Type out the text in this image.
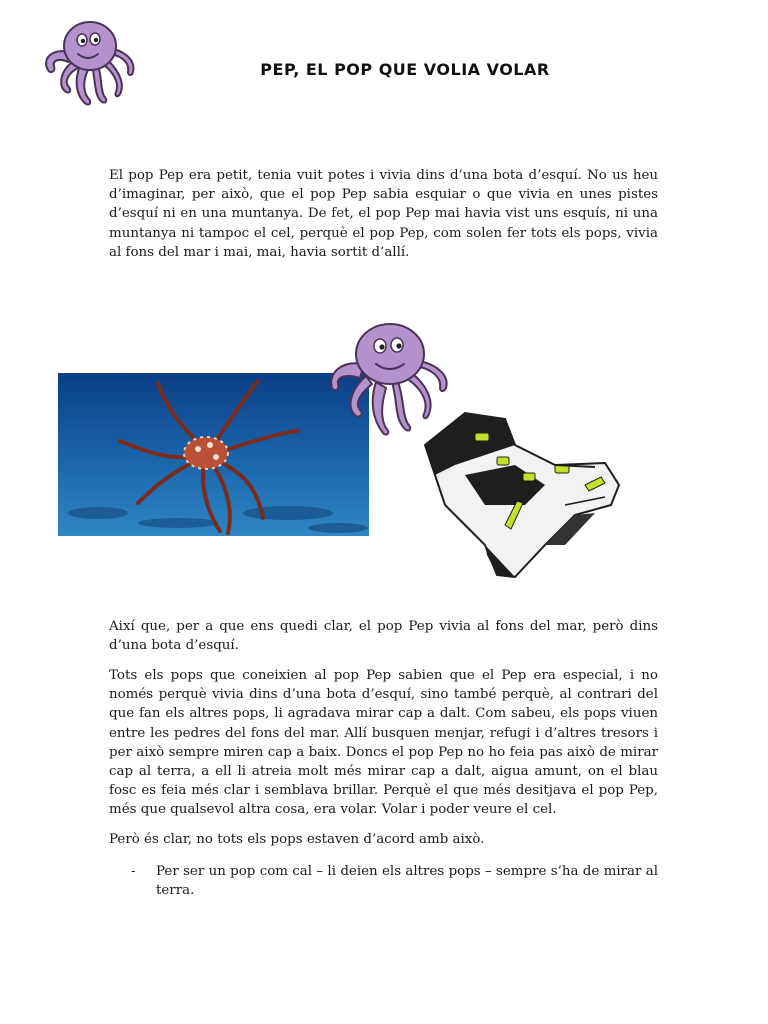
PEP, EL POP QUE VOLIA VOLAR

El pop Pep era petit, tenia vuit potes i vivia dins d’una bota d’esquí. No us heu d’imaginar, per això, que el pop Pep sabia esquiar o que vivia en unes pistes d’esquí ni en una muntanya. De fet, el pop Pep mai havia vist uns esquís, ni una muntanya ni tampoc el cel, perquè el pop Pep, com solen fer tots els pops, vivia al fons del mar i mai, mai, havia sortit d’allí.

Així que, per a que ens quedi clar, el pop Pep vivia al fons del mar, però dins d’una bota d’esquí.

Tots els pops que coneixien al pop Pep sabien que el Pep era especial, i no només perquè vivia dins d’una bota d’esquí, sino també perquè, al contrari del que fan els altres pops, li agradava mirar cap a dalt. Com sabeu, els pops viuen entre les pedres del fons del mar. Allí busquen menjar, refugi i d’altres tresors i per això sempre miren cap a baix. Doncs el pop Pep no ho feia pas això de mirar cap al terra, a ell li atreia molt més mirar cap a dalt, aigua amunt, on el blau fosc es feia més clar i semblava brillar. Perquè el que més desitjava el pop Pep, més que qualsevol altra cosa, era volar. Volar i poder veure el cel.

Però és clar, no tots els pops estaven d’acord amb això.

- Per ser un pop com cal – li deien els altres pops – sempre s’ha de mirar al terra.
